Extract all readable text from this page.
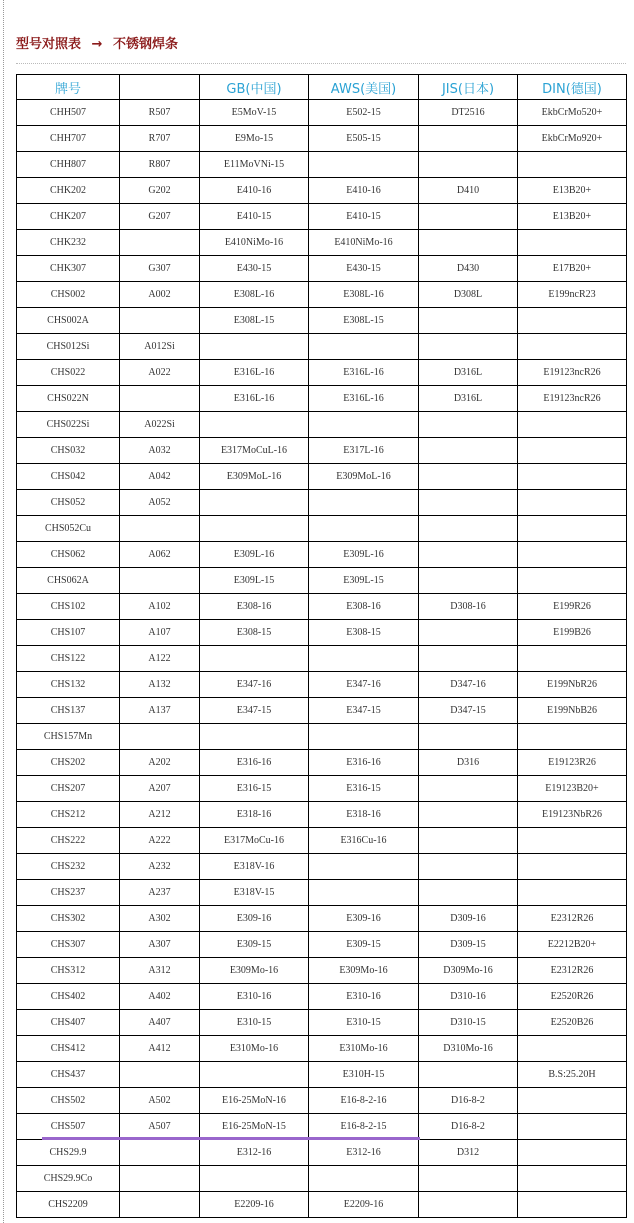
型号对照表 → 不锈钢焊条
牌号		GB(中国)	AWS(美国)	JIS(日本)	DIN(德国)
CHH507	R507	E5MoV-15	E502-15	DT2516	EkbCrMo520+
CHH707	R707	E9Mo-15	E505-15		EkbCrMo920+
CHH807	R807	E11MoVNi-15			
CHK202	G202	E410-16	E410-16	D410	E13B20+
CHK207	G207	E410-15	E410-15		E13B20+
CHK232		E410NiMo-16	E410NiMo-16		
CHK307	G307	E430-15	E430-15	D430	E17B20+
CHS002	A002	E308L-16	E308L-16	D308L	E199ncR23
CHS002A		E308L-15	E308L-15		
CHS012Si	A012Si				
CHS022	A022	E316L-16	E316L-16	D316L	E19123ncR26
CHS022N		E316L-16	E316L-16	D316L	E19123ncR26
CHS022Si	A022Si				
CHS032	A032	E317MoCuL-16	E317L-16		
CHS042	A042	E309MoL-16	E309MoL-16		
CHS052	A052				
CHS052Cu					
CHS062	A062	E309L-16	E309L-16		
CHS062A		E309L-15	E309L-15		
CHS102	A102	E308-16	E308-16	D308-16	E199R26
CHS107	A107	E308-15	E308-15		E199B26
CHS122	A122				
CHS132	A132	E347-16	E347-16	D347-16	E199NbR26
CHS137	A137	E347-15	E347-15	D347-15	E199NbB26
CHS157Mn					
CHS202	A202	E316-16	E316-16	D316	E19123R26
CHS207	A207	E316-15	E316-15		E19123B20+
CHS212	A212	E318-16	E318-16		E19123NbR26
CHS222	A222	E317MoCu-16	E316Cu-16		
CHS232	A232	E318V-16			
CHS237	A237	E318V-15			
CHS302	A302	E309-16	E309-16	D309-16	E2312R26
CHS307	A307	E309-15	E309-15	D309-15	E2212B20+
CHS312	A312	E309Mo-16	E309Mo-16	D309Mo-16	E2312R26
CHS402	A402	E310-16	E310-16	D310-16	E2520R26
CHS407	A407	E310-15	E310-15	D310-15	E2520B26
CHS412	A412	E310Mo-16	E310Mo-16	D310Mo-16	
CHS437			E310H-15		B.S:25.20H
CHS502	A502	E16-25MoN-16	E16-8-2-16	D16-8-2	
CHS507	A507	E16-25MoN-15	E16-8-2-15	D16-8-2	
CHS29.9		E312-16	E312-16	D312	
CHS29.9Co					
CHS2209		E2209-16	E2209-16		
